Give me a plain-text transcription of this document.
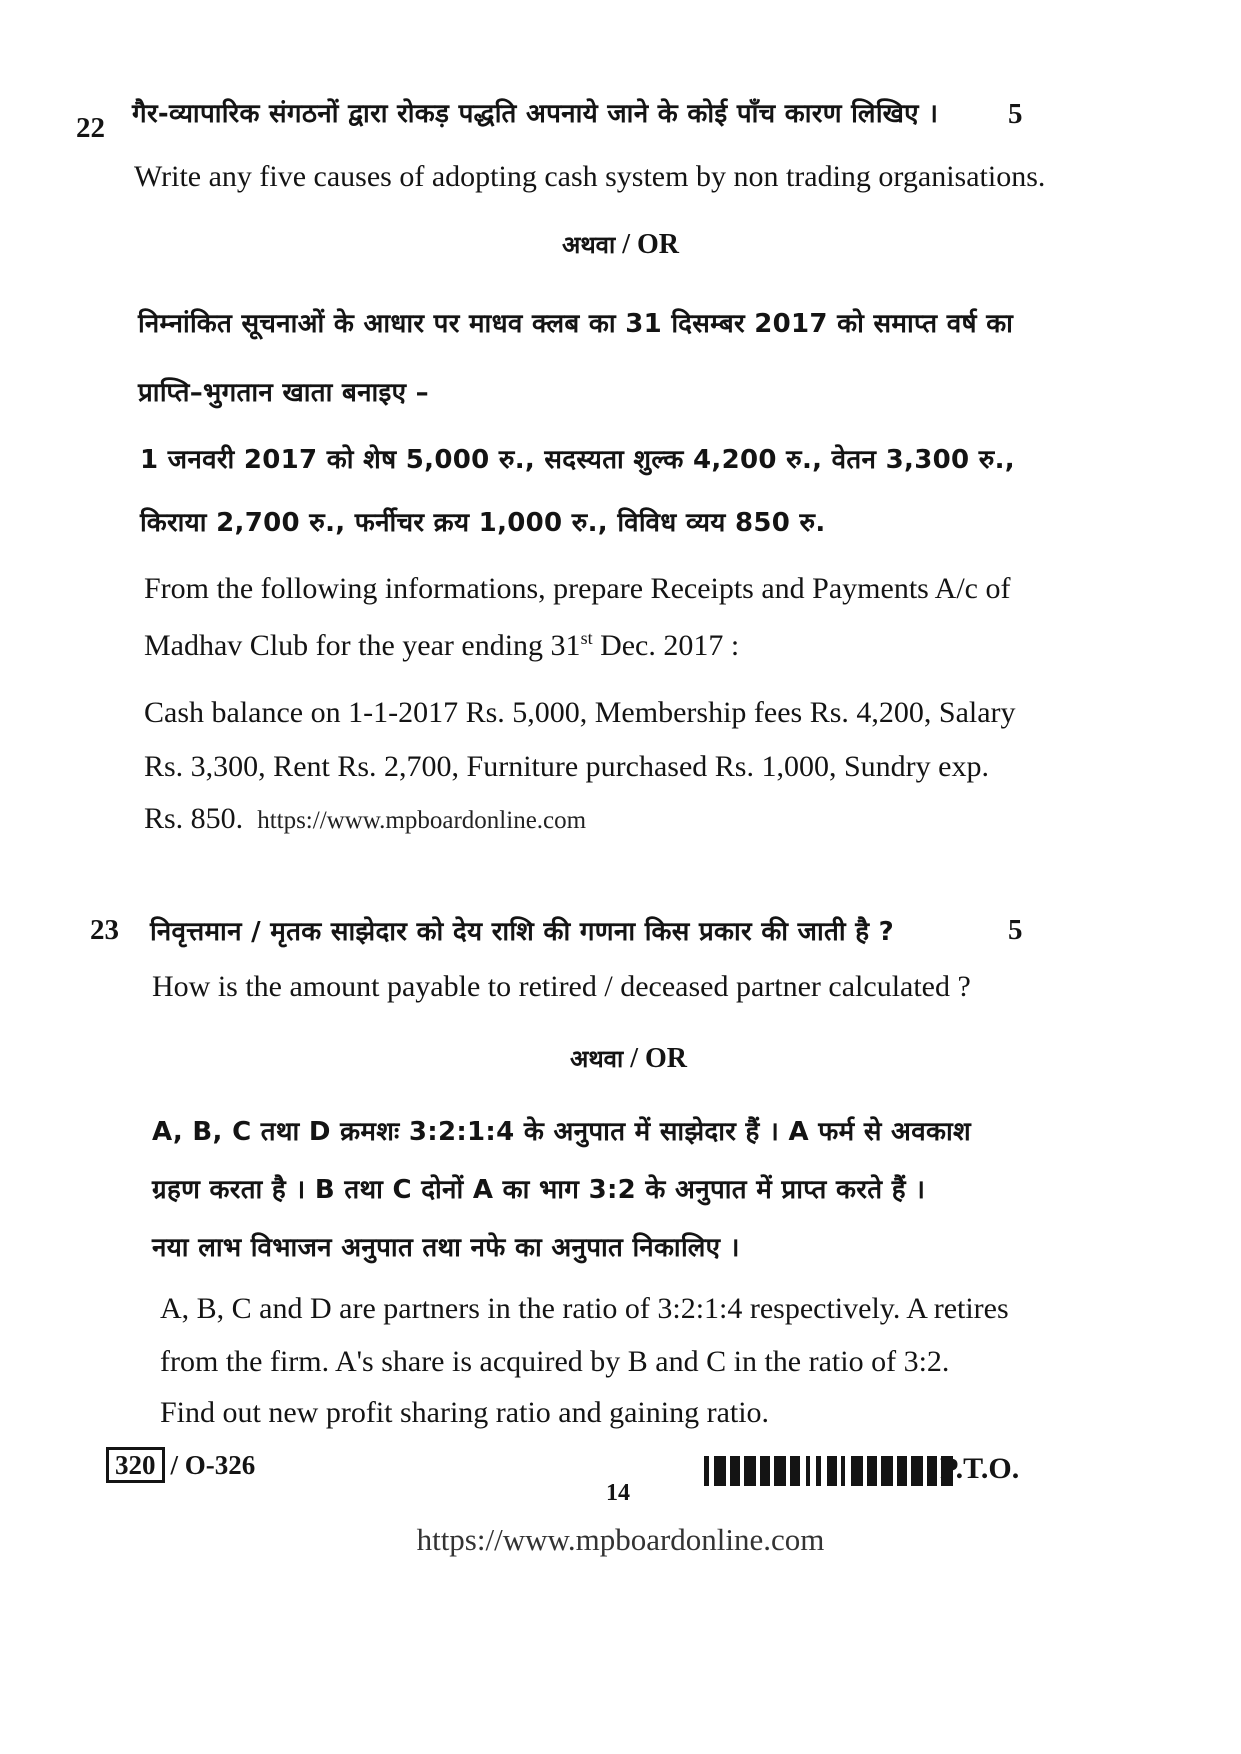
22 गैर-व्यापारिक संगठनों द्वारा रोकड़ पद्धति अपनाये जाने के कोई पाँच कारण लिखिए । 5
Write any five causes of adopting cash system by non trading organisations.
अथवा / OR
निम्नांकित सूचनाओं के आधार पर माधव क्लब का 31 दिसम्बर 2017 को समाप्त वर्ष का
प्राप्ति–भुगतान खाता बनाइए –
1 जनवरी 2017 को शेष 5,000 रु., सदस्यता शुल्क 4,200 रु., वेतन 3,300 रु.,
किराया 2,700 रु., फर्नीचर क्रय 1,000 रु., विविध व्यय 850 रु.
From the following informations, prepare Receipts and Payments A/c of
Madhav Club for the year ending 31st Dec. 2017 :
Cash balance on 1-1-2017 Rs. 5,000, Membership fees Rs. 4,200, Salary
Rs. 3,300, Rent Rs. 2,700, Furniture purchased Rs. 1,000, Sundry exp.
Rs. 850. https://www.mpboardonline.com
23 निवृत्तमान / मृतक साझेदार को देय राशि की गणना किस प्रकार की जाती है ?	5
How is the amount payable to retired / deceased partner calculated ?
अथवा / OR
A, B, C तथा D क्रमशः 3:2:1:4 के अनुपात में साझेदार हैं । A फर्म से अवकाश
ग्रहण करता है । B तथा C दोनों A का भाग 3:2 के अनुपात में प्राप्त करते हैं ।
नया लाभ विभाजन अनुपात तथा नफे का अनुपात निकालिए ।
A, B, C and D are partners in the ratio of 3:2:1:4 respectively. A retires
from the firm. A's share is acquired by B and C in the ratio of 3:2.
Find out new profit sharing ratio and gaining ratio.
320 / O-326
14
P.T.O.
https://www.mpboardonline.com
